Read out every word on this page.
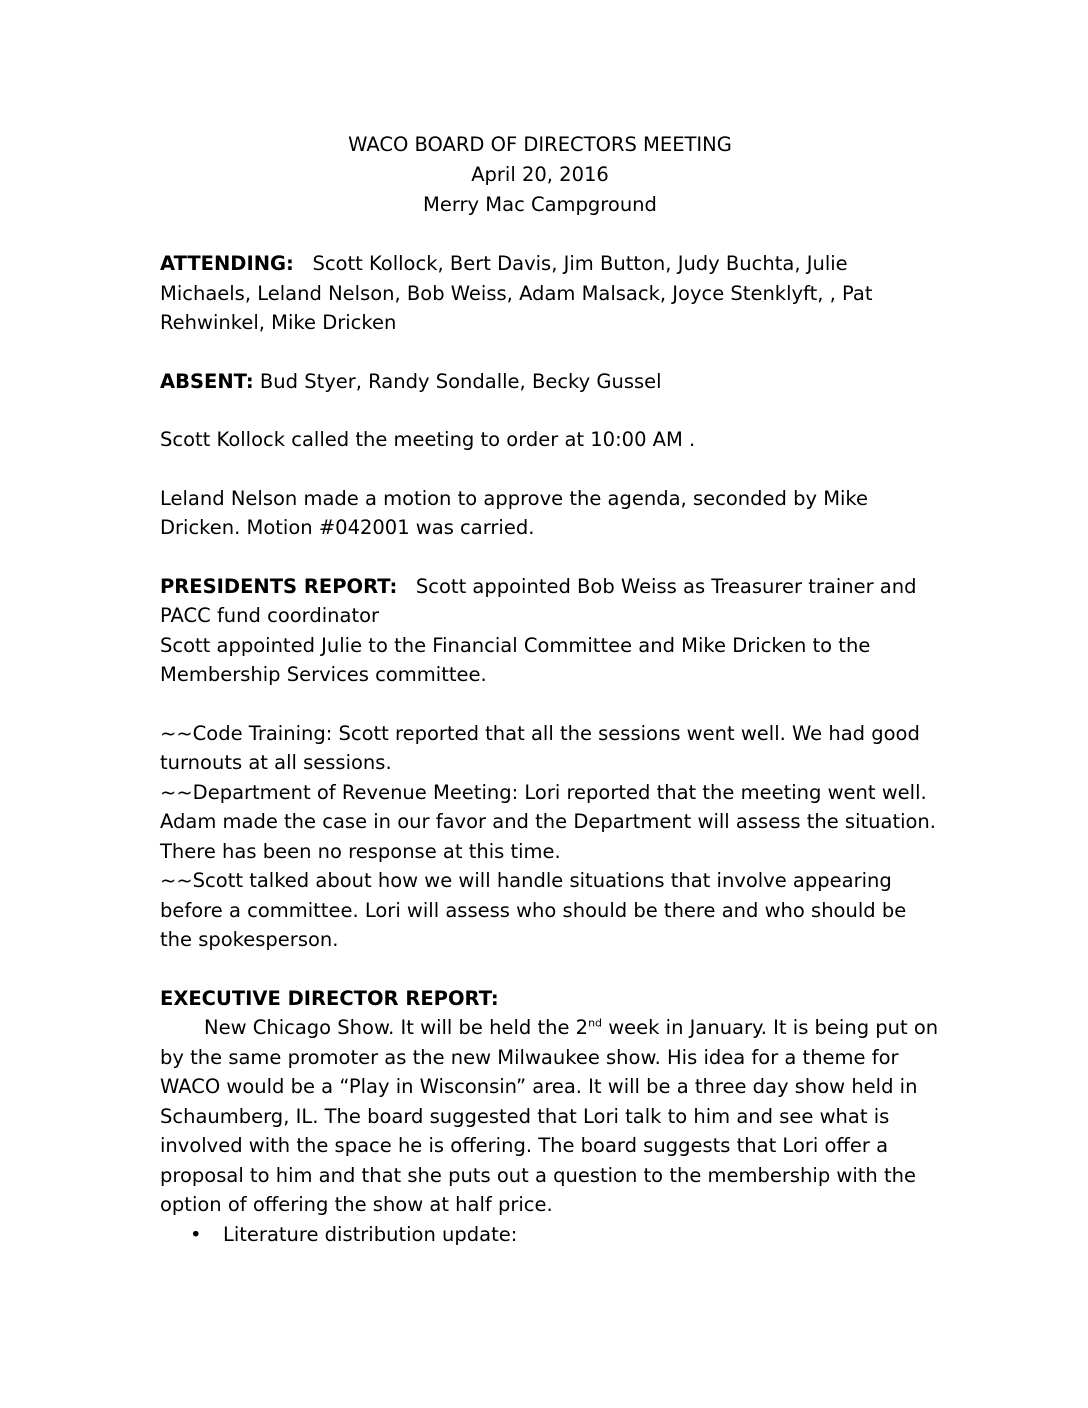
WACO BOARD OF DIRECTORS MEETING
April 20, 2016
Merry Mac Campground

ATTENDING: Scott Kollock, Bert Davis, Jim Button, Judy Buchta, Julie Michaels, Leland Nelson, Bob Weiss, Adam Malsack, Joyce Stenklyft, , Pat Rehwinkel, Mike Dricken

ABSENT: Bud Styer, Randy Sondalle, Becky Gussel

Scott Kollock called the meeting to order at 10:00 AM .

Leland Nelson made a motion to approve the agenda, seconded by Mike Dricken. Motion #042001 was carried.

PRESIDENTS REPORT: Scott appointed Bob Weiss as Treasurer trainer and PACC fund coordinator

Scott appointed Julie to the Financial Committee and Mike Dricken to the Membership Services committee.

~~Code Training: Scott reported that all the sessions went well. We had good turnouts at all sessions.

~~Department of Revenue Meeting: Lori reported that the meeting went well. Adam made the case in our favor and the Department will assess the situation. There has been no response at this time.

~~Scott talked about how we will handle situations that involve appearing before a committee. Lori will assess who should be there and who should be the spokesperson.

EXECUTIVE DIRECTOR REPORT:

New Chicago Show. It will be held the 2nd week in January. It is being put on by the same promoter as the new Milwaukee show. His idea for a theme for WACO would be a “Play in Wisconsin” area. It will be a three day show held in Schaumberg, IL. The board suggested that Lori talk to him and see what is involved with the space he is offering. The board suggests that Lori offer a proposal to him and that she puts out a question to the membership with the option of offering the show at half price.

• Literature distribution update:
